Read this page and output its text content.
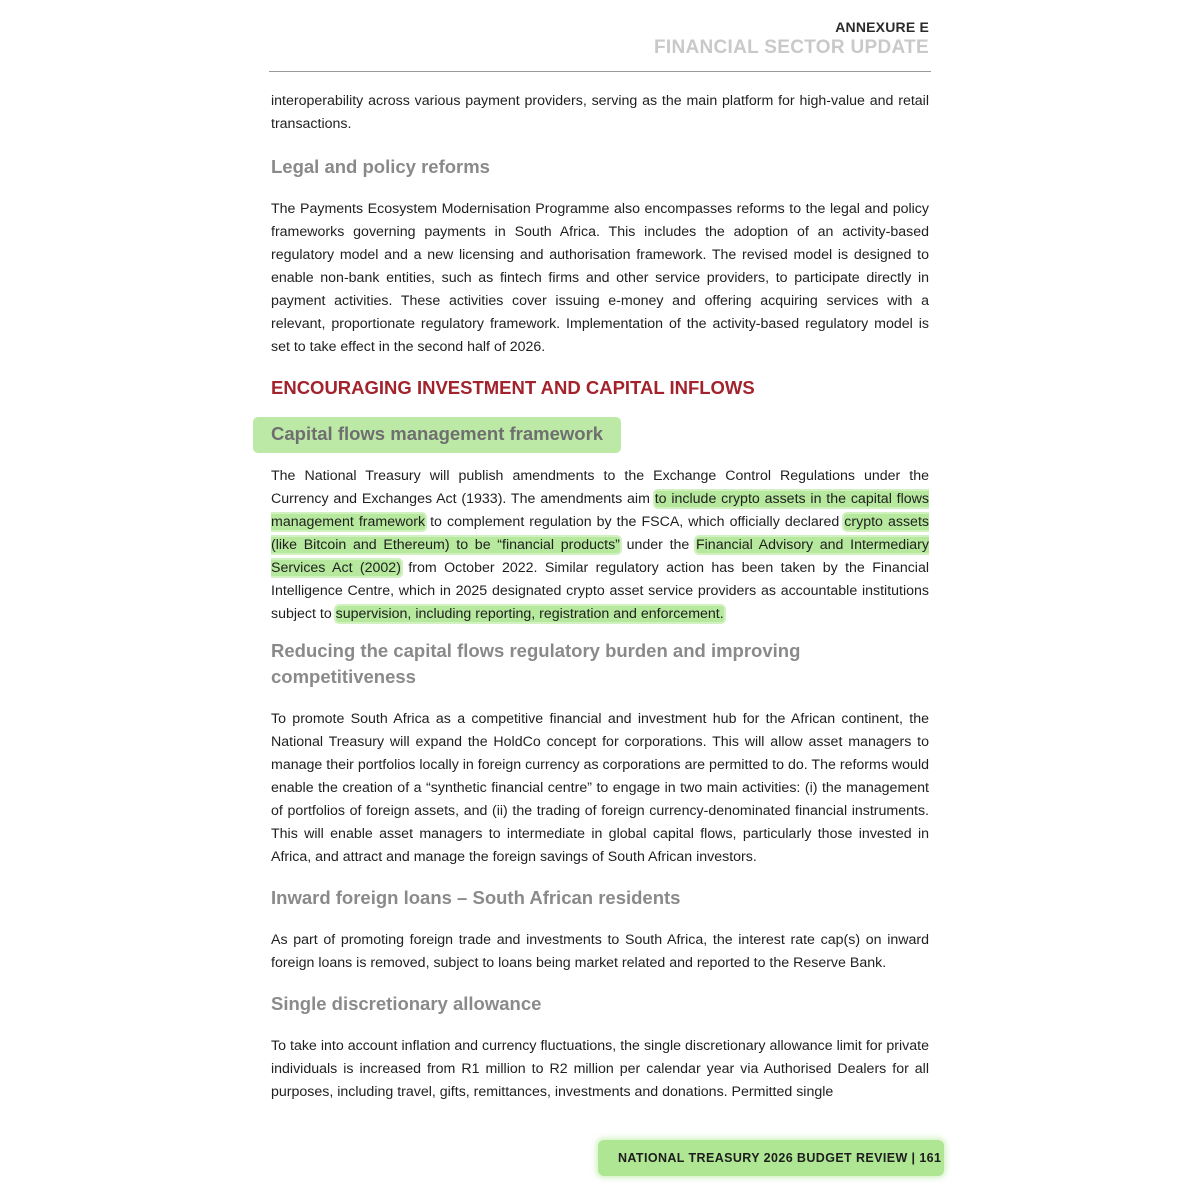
ANNEXURE E
FINANCIAL SECTOR UPDATE

interoperability across various payment providers, serving as the main platform for high-value and retail transactions.

Legal and policy reforms

The Payments Ecosystem Modernisation Programme also encompasses reforms to the legal and policy frameworks governing payments in South Africa. This includes the adoption of an activity-based regulatory model and a new licensing and authorisation framework. The revised model is designed to enable non-bank entities, such as fintech firms and other service providers, to participate directly in payment activities. These activities cover issuing e-money and offering acquiring services with a relevant, proportionate regulatory framework. Implementation of the activity-based regulatory model is set to take effect in the second half of 2026.

ENCOURAGING INVESTMENT AND CAPITAL INFLOWS
Capital flows management framework

The National Treasury will publish amendments to the Exchange Control Regulations under the Currency and Exchanges Act (1933). The amendments aim to include crypto assets in the capital flows management framework to complement regulation by the FSCA, which officially declared crypto assets (like Bitcoin and Ethereum) to be “financial products” under the Financial Advisory and Intermediary Services Act (2002) from October 2022. Similar regulatory action has been taken by the Financial Intelligence Centre, which in 2025 designated crypto asset service providers as accountable institutions subject to supervision, including reporting, registration and enforcement.

Reducing the capital flows regulatory burden and improving competitiveness

To promote South Africa as a competitive financial and investment hub for the African continent, the National Treasury will expand the HoldCo concept for corporations. This will allow asset managers to manage their portfolios locally in foreign currency as corporations are permitted to do. The reforms would enable the creation of a “synthetic financial centre” to engage in two main activities: (i) the management of portfolios of foreign assets, and (ii) the trading of foreign currency-denominated financial instruments. This will enable asset managers to intermediate in global capital flows, particularly those invested in Africa, and attract and manage the foreign savings of South African investors.

Inward foreign loans – South African residents

As part of promoting foreign trade and investments to South Africa, the interest rate cap(s) on inward foreign loans is removed, subject to loans being market related and reported to the Reserve Bank.

Single discretionary allowance

To take into account inflation and currency fluctuations, the single discretionary allowance limit for private individuals is increased from R1 million to R2 million per calendar year via Authorised Dealers for all purposes, including travel, gifts, remittances, investments and donations. Permitted single

NATIONAL TREASURY 2026 BUDGET REVIEW | 161
